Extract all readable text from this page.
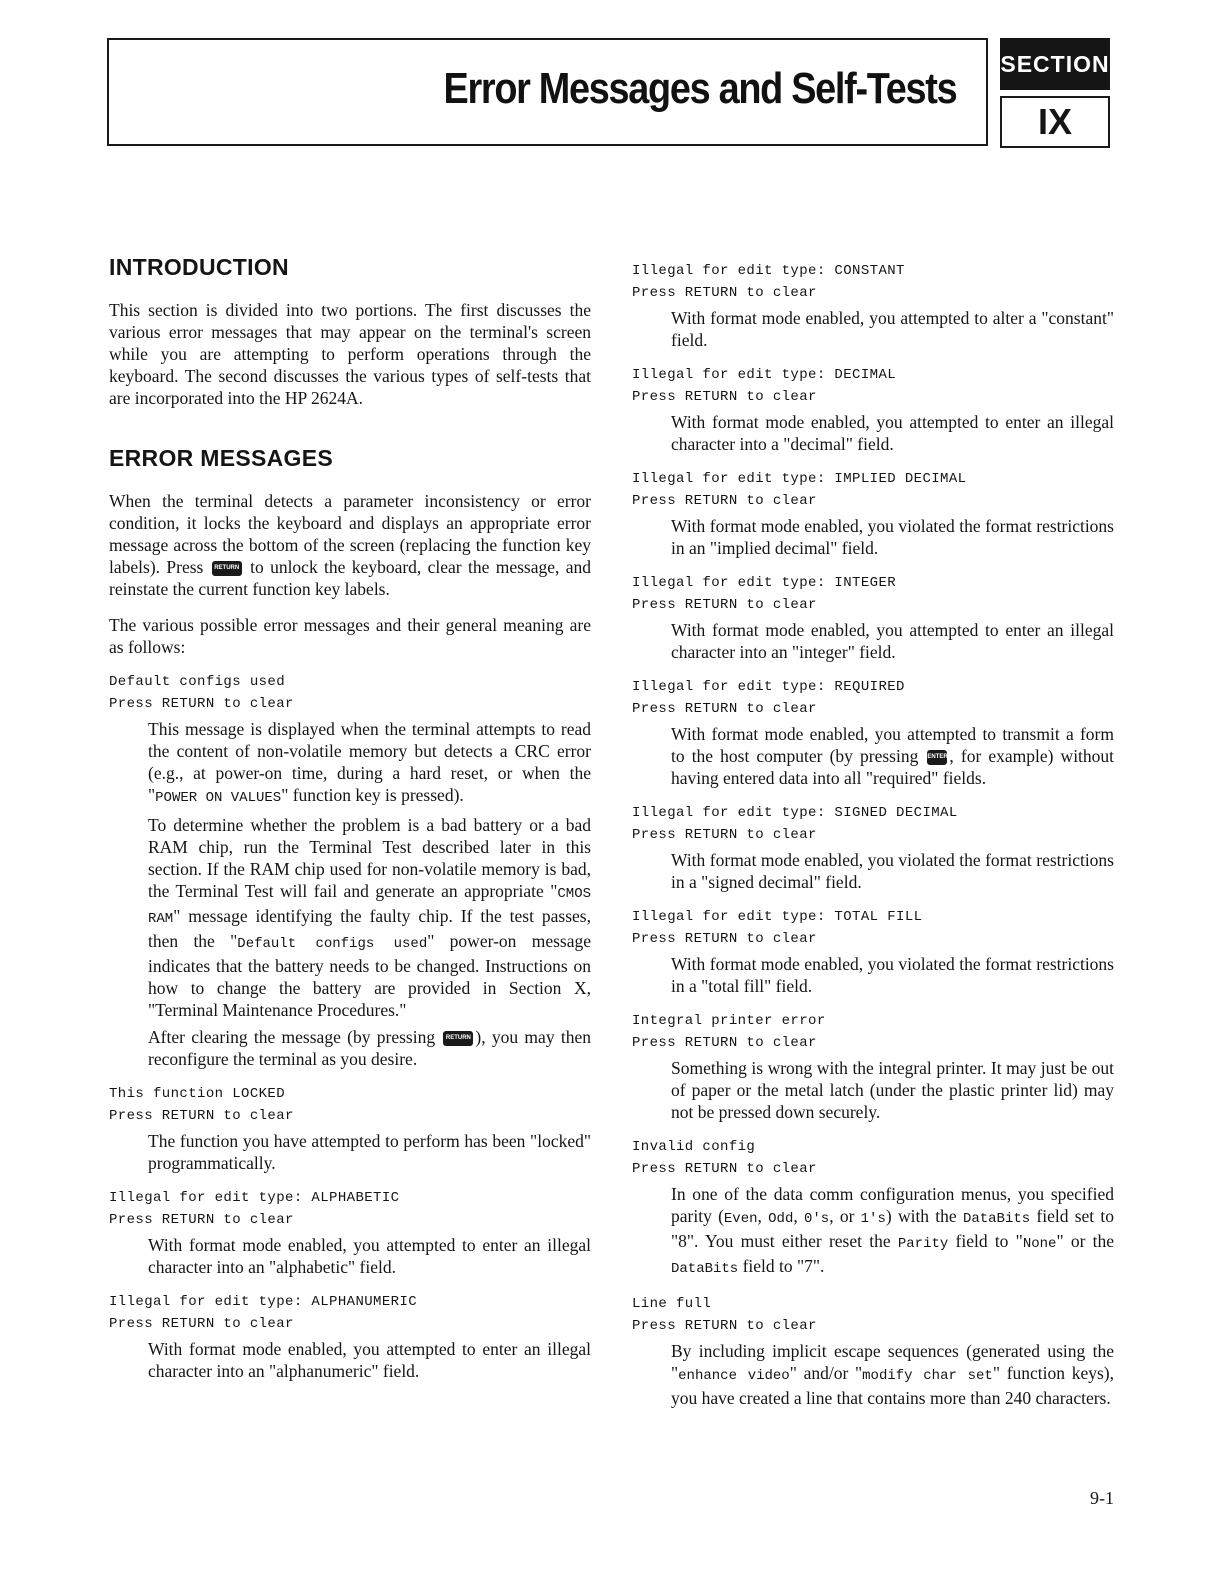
Error Messages and Self-Tests
SECTION
IX
INTRODUCTION

This section is divided into two portions. The first discusses the various error messages that may appear on the terminal's screen while you are attempting to perform operations through the keyboard. The second discusses the various types of self-tests that are incorporated into the HP 2624A.

ERROR MESSAGES

When the terminal detects a parameter inconsistency or error condition, it locks the keyboard and displays an appropriate error message across the bottom of the screen (replacing the function key labels). Press RETURN to unlock the keyboard, clear the message, and reinstate the current function key labels.

The various possible error messages and their general meaning are as follows:

Default configs used
Press RETURN to clear

This message is displayed when the terminal attempts to read the content of non-volatile memory but detects a CRC error (e.g., at power-on time, during a hard reset, or when the "POWER ON VALUES" function key is pressed).

To determine whether the problem is a bad battery or a bad RAM chip, run the Terminal Test described later in this section. If the RAM chip used for non-volatile memory is bad, the Terminal Test will fail and generate an appropriate "CMOS RAM" message identifying the faulty chip. If the test passes, then the "Default configs used" power-on message indicates that the battery needs to be changed. Instructions on how to change the battery are provided in Section X, "Terminal Maintenance Procedures."

After clearing the message (by pressing RETURN ), you may then reconfigure the terminal as you desire.

This function LOCKED
Press RETURN to clear
The function you have attempted to perform has been "locked" programmatically.
Illegal for edit type: ALPHABETIC
Press RETURN to clear
With format mode enabled, you attempted to enter an illegal character into an "alphabetic" field.
Illegal for edit type: ALPHANUMERIC
Press RETURN to clear
With format mode enabled, you attempted to enter an illegal character into an "alphanumeric" field.
Illegal for edit type: CONSTANT
Press RETURN to clear
With format mode enabled, you attempted to alter a "constant" field.
Illegal for edit type: DECIMAL
Press RETURN to clear
With format mode enabled, you attempted to enter an illegal character into a "decimal" field.
Illegal for edit type: IMPLIED DECIMAL
Press RETURN to clear
With format mode enabled, you violated the format restrictions in an "implied decimal" field.
Illegal for edit type: INTEGER
Press RETURN to clear
With format mode enabled, you attempted to enter an illegal character into an "integer" field.
Illegal for edit type: REQUIRED
Press RETURN to clear
With format mode enabled, you attempted to transmit a form to the host computer (by pressing ENTER, for example) without having entered data into all "required" fields.
Illegal for edit type: SIGNED DECIMAL
Press RETURN to clear
With format mode enabled, you violated the format restrictions in a "signed decimal" field.
Illegal for edit type: TOTAL FILL
Press RETURN to clear
With format mode enabled, you violated the format restrictions in a "total fill" field.
Integral printer error
Press RETURN to clear
Something is wrong with the integral printer. It may just be out of paper or the metal latch (under the plastic printer lid) may not be pressed down securely.
Invalid config
Press RETURN to clear
In one of the data comm configuration menus, you specified parity (Even, Odd, 0's, or 1's) with the DataBits field set to "8". You must either reset the Parity field to "None" or the DataBits field to "7".
Line full
Press RETURN to clear
By including implicit escape sequences (generated using the "enhance video" and/or "modify char set" function keys), you have created a line that contains more than 240 characters.
9-1
